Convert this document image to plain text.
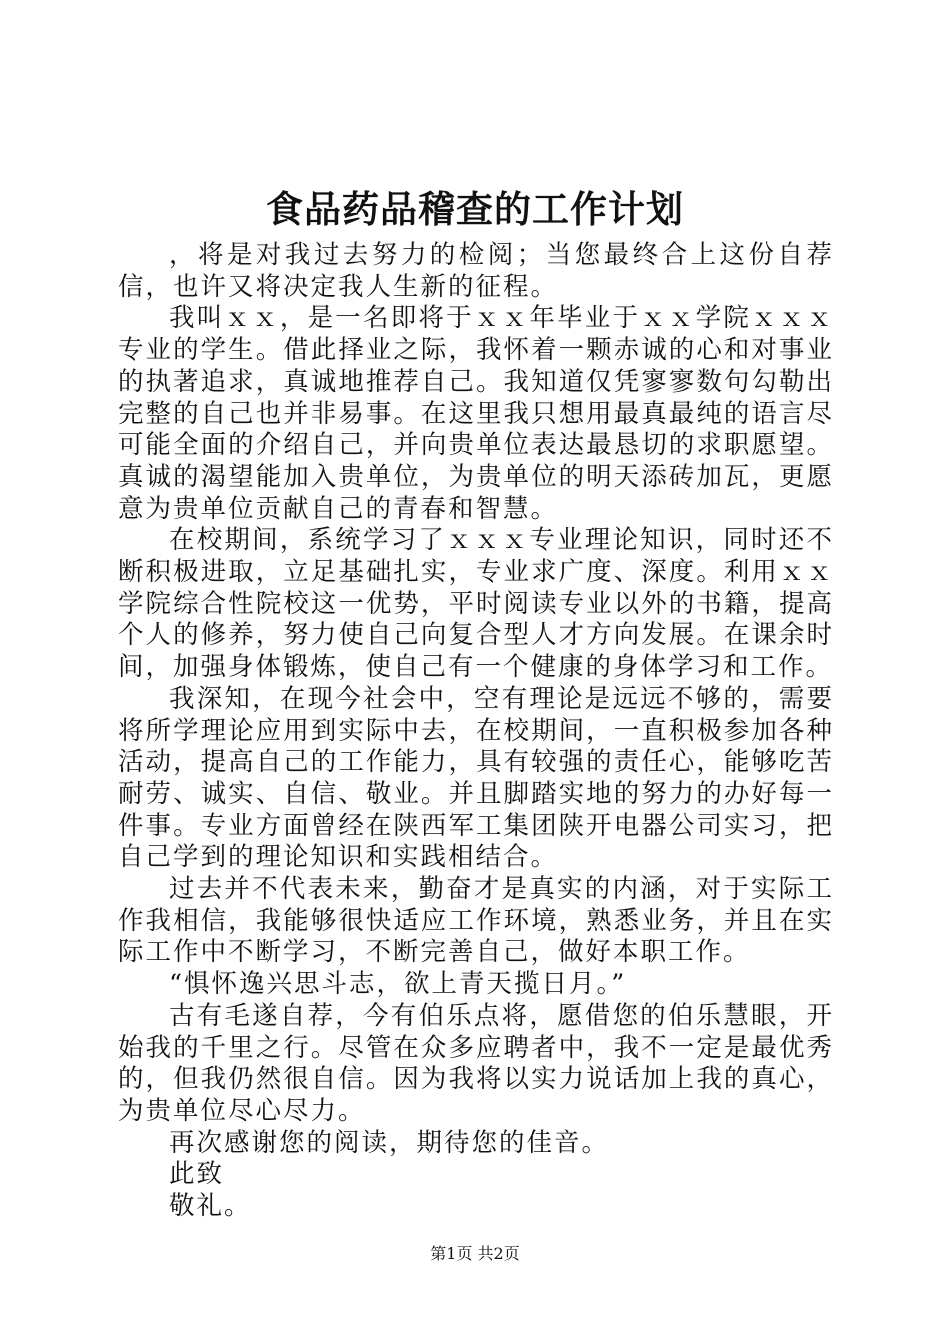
食品药品稽查的工作计划

，将是对我过去努力的检阅；当您最终合上这份自荐信，也许又将决定我人生新的征程。

我叫ｘｘ，是一名即将于ｘｘ年毕业于ｘｘ学院ｘｘｘ专业的学生。借此择业之际，我怀着一颗赤诚的心和对事业的执著追求，真诚地推荐自己。我知道仅凭寥寥数句勾勒出完整的自己也并非易事。在这里我只想用最真最纯的语言尽可能全面的介绍自己，并向贵单位表达最恳切的求职愿望。真诚的渴望能加入贵单位，为贵单位的明天添砖加瓦，更愿意为贵单位贡献自己的青春和智慧。

在校期间，系统学习了ｘｘｘ专业理论知识，同时还不断积极进取，立足基础扎实，专业求广度、深度。利用ｘｘ学院综合性院校这一优势，平时阅读专业以外的书籍，提高个人的修养，努力使自己向复合型人才方向发展。在课余时间，加强身体锻炼，使自己有一个健康的身体学习和工作。

我深知，在现今社会中，空有理论是远远不够的，需要将所学理论应用到实际中去，在校期间，一直积极参加各种活动，提高自己的工作能力，具有较强的责任心，能够吃苦耐劳、诚实、自信、敬业。并且脚踏实地的努力的办好每一件事。专业方面曾经在陕西军工集团陕开电器公司实习，把自己学到的理论知识和实践相结合。

过去并不代表未来，勤奋才是真实的内涵，对于实际工作我相信，我能够很快适应工作环境，熟悉业务，并且在实际工作中不断学习，不断完善自己，做好本职工作。

“惧怀逸兴思斗志，欲上青天揽日月。”

古有毛遂自荐，今有伯乐点将，愿借您的伯乐慧眼，开始我的千里之行。尽管在众多应聘者中，我不一定是最优秀的，但我仍然很自信。因为我将以实力说话加上我的真心，为贵单位尽心尽力。

再次感谢您的阅读，期待您的佳音。

此致

敬礼。

第1页 共2页
